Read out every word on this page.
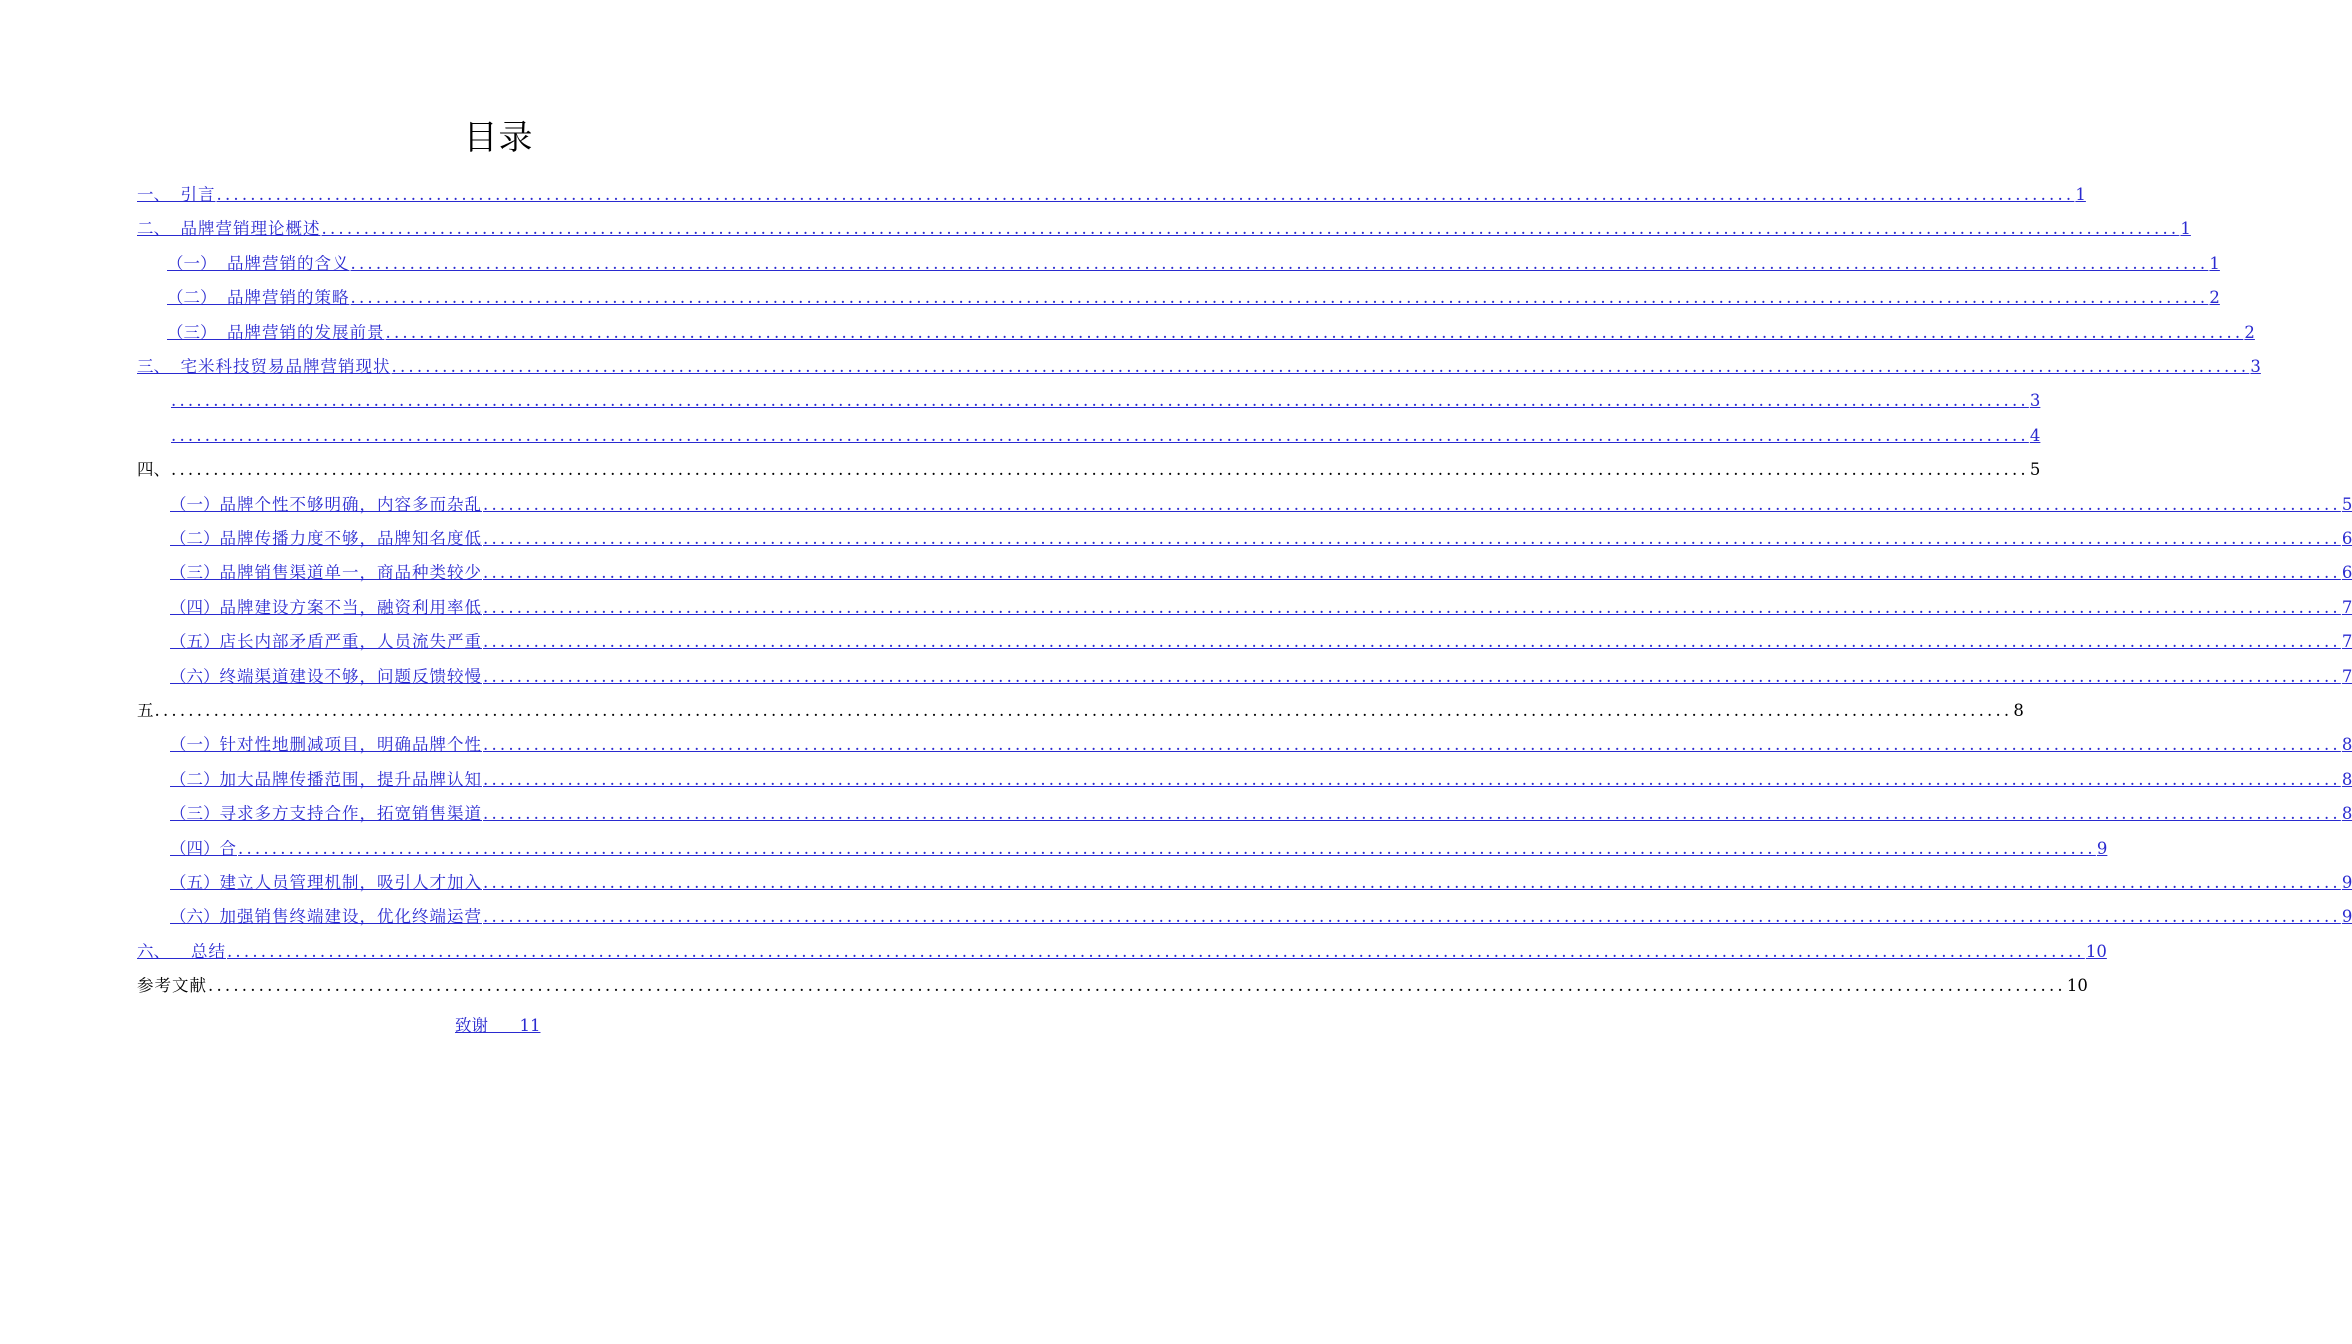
目录
一、  引言 ............................................................................................................................................................................................................................ 1
二、  品牌营销理论概述 ............................................................................................................................................................................................................................ 1
（一）  品牌营销的含义 ............................................................................................................................................................................................................................ 1
（二）  品牌营销的策略 ............................................................................................................................................................................................................................ 2
（三）  品牌营销的发展前景 ............................................................................................................................................................................................................................ 2
三、  宅米科技贸易品牌营销现状 ............................................................................................................................................................................................................................ 3
............................................................................................................................................................................................................................ 3
............................................................................................................................................................................................................................ 4
四、 ............................................................................................................................................................................................................................ 5
（一）品牌个性不够明确，内容多而杂乱 ............................................................................................................................................................................................................................ 5
（二）品牌传播力度不够，品牌知名度低 ............................................................................................................................................................................................................................ 6
（三）品牌销售渠道单一，商品种类较少 ............................................................................................................................................................................................................................ 6
（四）品牌建设方案不当，融资利用率低 ............................................................................................................................................................................................................................ 7
（五）店长内部矛盾严重，人员流失严重 ............................................................................................................................................................................................................................ 7
（六）终端渠道建设不够，问题反馈较慢 ............................................................................................................................................................................................................................ 7
五 ............................................................................................................................................................................................................................ 8
（一）针对性地删减项目，明确品牌个性 ............................................................................................................................................................................................................................ 8
（二）加大品牌传播范围，提升品牌认知 ............................................................................................................................................................................................................................ 8
（三）寻求多方支持合作，拓宽销售渠道 ............................................................................................................................................................................................................................ 8
（四）合 ............................................................................................................................................................................................................................ 9
（五）建立人员管理机制，吸引人才加入 ............................................................................................................................................................................................................................ 9
（六）加强销售终端建设，优化终端运营 ............................................................................................................................................................................................................................ 9
六、    总结 ............................................................................................................................................................................................................................ 10
参考文献 ............................................................................................................................................................................................................................ 10
致谢 11
